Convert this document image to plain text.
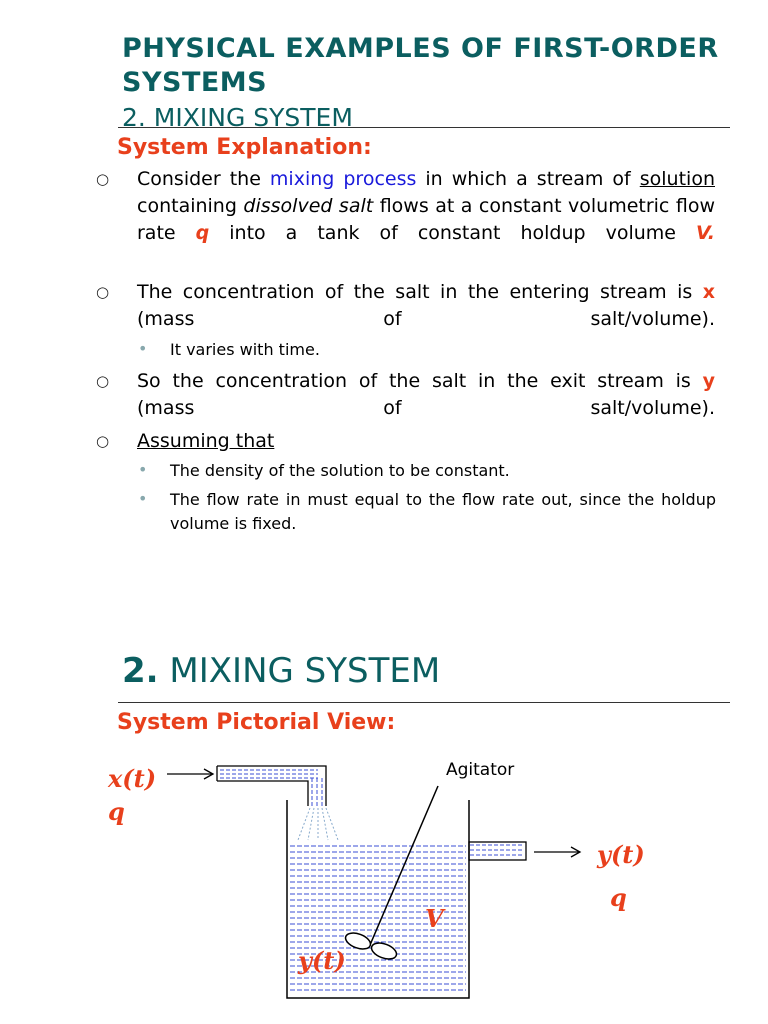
PHYSICAL EXAMPLES OF FIRST-ORDER SYSTEMS
2. MIXING SYSTEM
System Explanation:
○ Consider the mixing process in which a stream of solution containing dissolved salt flows at a constant volumetric flow rate q into a tank of constant holdup volume V.
○ The concentration of the salt in the entering stream is x (mass of salt/volume).
• It varies with time.
○ So the concentration of the salt in the exit stream is y (mass of salt/volume).
○ Assuming that
• The density of the solution to be constant.
• The flow rate in must equal to the flow rate out, since the holdup volume is fixed.
2. MIXING SYSTEM
System Pictorial View:
x(t)
q
Agitator
y(t)
q
V
y(t)
